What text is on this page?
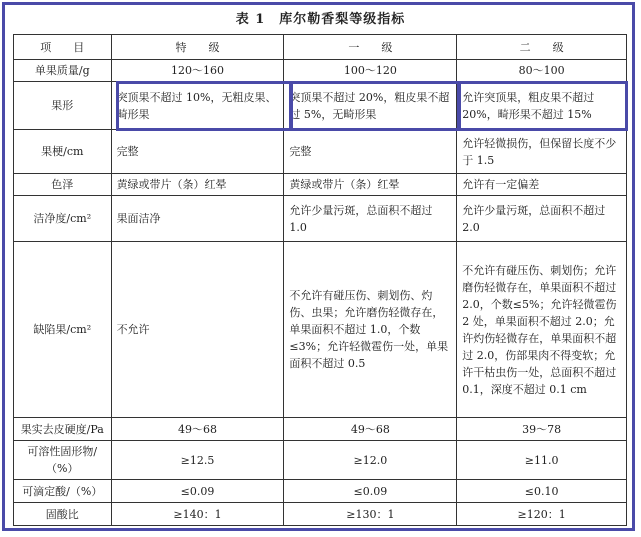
表 1　库尔勒香梨等级指标
项　　目	特　　级	一　　级	二　　级
单果质量/g	120～160	100～120	80～100
果形	突顶果不超过 10%，无粗皮果、畸形果	突顶果不超过 20%，粗皮果不超过 5%，无畸形果	允许突顶果，粗皮果不超过 20%，畸形果不超过 15%
果梗/cm	完整	完整	允许轻微损伤，但保留长度不少于 1.5
色泽	黄绿或带片（条）红晕	黄绿或带片（条）红晕	允许有一定偏差
洁净度/cm²	果面洁净	允许少量污斑，总面积不超过 1.0	允许少量污斑，总面积不超过 2.0
缺陷果/cm²	不允许	不允许有碰压伤、刺划伤、灼伤、虫果；允许磨伤轻微存在，单果面积不超过 1.0，个数≤3%；允许轻微雹伤一处，单果面积不超过 0.5	不允许有碰压伤、刺划伤；允许磨伤轻微存在，单果面积不超过 2.0，个数≤5%；允许轻微雹伤 2 处，单果面积不超过 2.0；允许灼伤轻微存在，单果面积不超过 2.0，伤部果肉不得变软；允许干枯虫伤一处，总面积不超过 0.1，深度不超过 0.1 cm
果实去皮硬度/Pa	49～68	49～68	39～78
可溶性固形物/（%）	≥12.5	≥12.0	≥11.0
可滴定酸/（%）	≤0.09	≤0.09	≤0.10
固酸比	≥140：1	≥130：1	≥120：1
